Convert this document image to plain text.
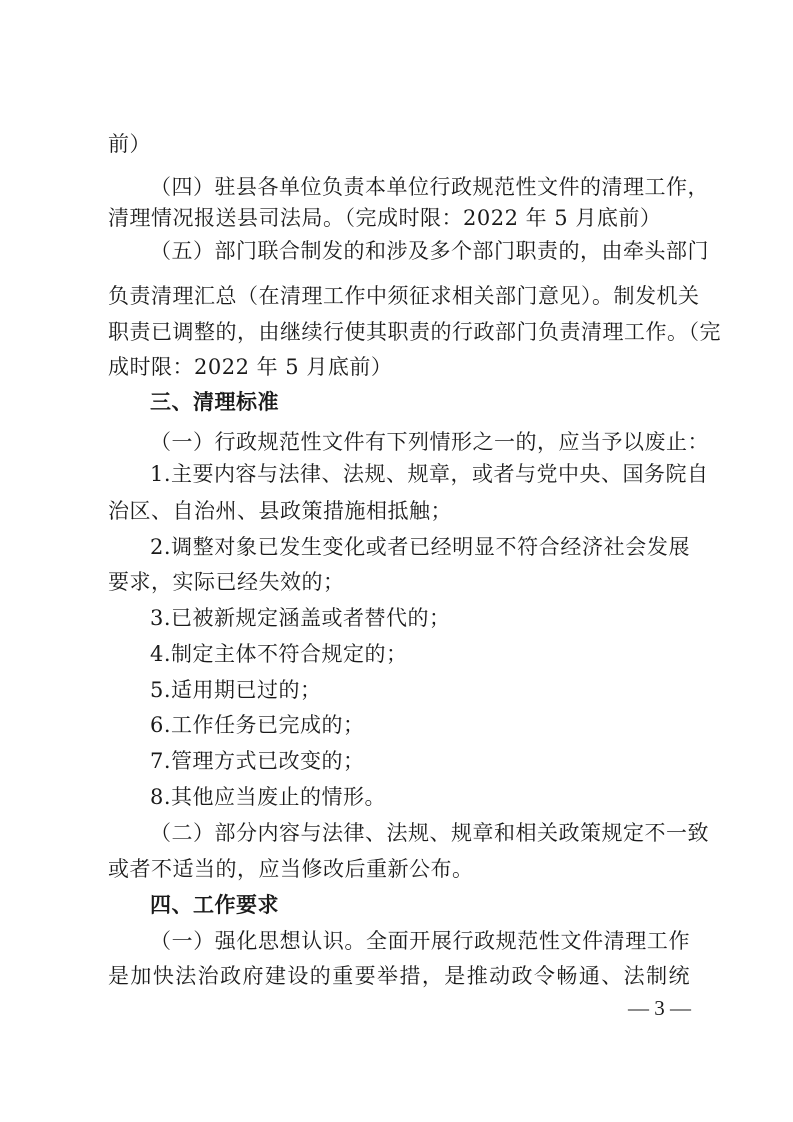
前）
（四）驻县各单位负责本单位行政规范性文件的清理工作，
清理情况报送县司法局。（完成时限：2022 年 5 月底前）
（五）部门联合制发的和涉及多个部门职责的，由牵头部门
负责清理汇总（在清理工作中须征求相关部门意见）。制发机关
职责已调整的，由继续行使其职责的行政部门负责清理工作。（完
成时限：2022 年 5 月底前）
三、清理标准
（一）行政规范性文件有下列情形之一的，应当予以废止：
1.主要内容与法律、法规、规章，或者与党中央、国务院自
治区、自治州、县政策措施相抵触；
2.调整对象已发生变化或者已经明显不符合经济社会发展
要求，实际已经失效的；
3.已被新规定涵盖或者替代的；
4.制定主体不符合规定的；
5.适用期已过的；
6.工作任务已完成的；
7.管理方式已改变的；
8.其他应当废止的情形。
（二）部分内容与法律、法规、规章和相关政策规定不一致
或者不适当的，应当修改后重新公布。
四、工作要求
（一）强化思想认识。全面开展行政规范性文件清理工作
是加快法治政府建设的重要举措，是推动政令畅通、法制统
— 3 —
